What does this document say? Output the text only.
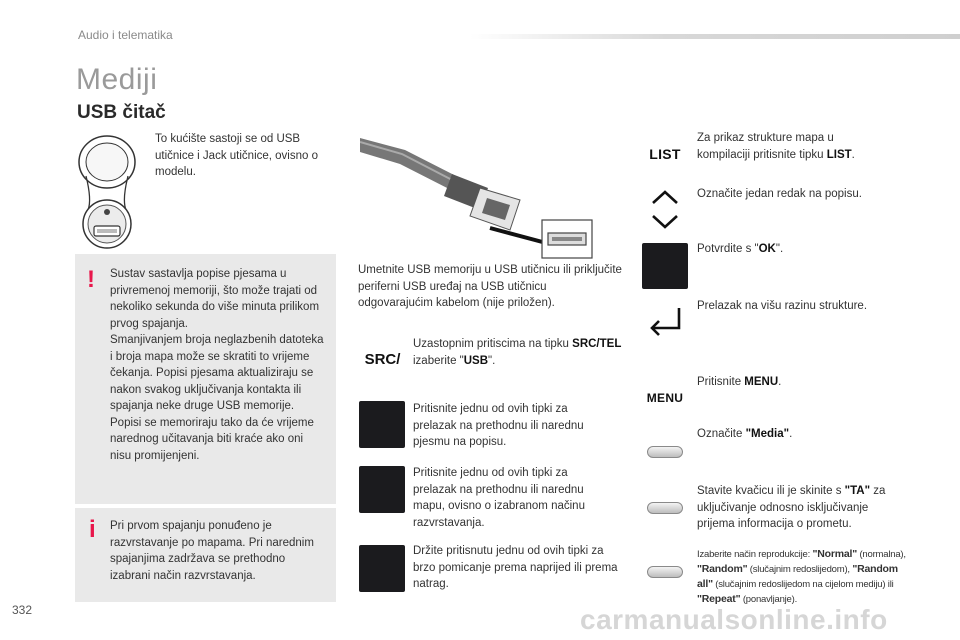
Audio i telematika
Mediji
USB čitač
To kućište sastoji se od USB utičnice i Jack utičnice, ovisno o modelu.
! Sustav sastavlja popise pjesama u privremenoj memoriji, što može trajati od nekoliko sekunda do više minuta prilikom prvog spajanja.
Smanjivanjem broja neglazbenih datoteka i broja mapa može se skratiti to vrijeme čekanja. Popisi pjesama aktualiziraju se nakon svakog uključivanja kontakta ili spajanja neke druge USB memorije.
Popisi se memoriraju tako da će vrijeme narednog učitavanja biti kraće ako oni nisu promijenjeni.
i Pri prvom spajanju ponuđeno je razvrstavanje po mapama. Pri narednim spajanjima zadržava se prethodno izabrani način razvrstavanja.
Umetnite USB memoriju u USB utičnicu ili priključite periferni USB uređaj na USB utičnicu odgovarajućim kabelom (nije priložen).
SRC/
Uzastopnim pritiscima na tipku SRC/TEL izaberite "USB".
Pritisnite jednu od ovih tipki za prelazak na prethodnu ili narednu pjesmu na popisu.
Pritisnite jednu od ovih tipki za prelazak na prethodnu ili narednu mapu, ovisno o izabranom načinu razvrstavanja.
Držite pritisnutu jednu od ovih tipki za brzo pomicanje prema naprijed ili prema natrag.
LIST
Za prikaz strukture mapa u kompilaciji pritisnite tipku LIST.
Označite jedan redak na popisu.
Potvrdite s "OK".
Prelazak na višu razinu strukture.
MENU
Pritisnite MENU.
Označite "Media".
Stavite kvačicu ili je skinite s "TA" za uključivanje odnosno isključivanje prijema informacija o prometu.
Izaberite način reprodukcije: "Normal" (normalna), "Random" (slučajnim redoslijedom), "Random all" (slučajnim redoslijedom na cijelom mediju) ili "Repeat" (ponavljanje).
332	carmanualsonline.info
